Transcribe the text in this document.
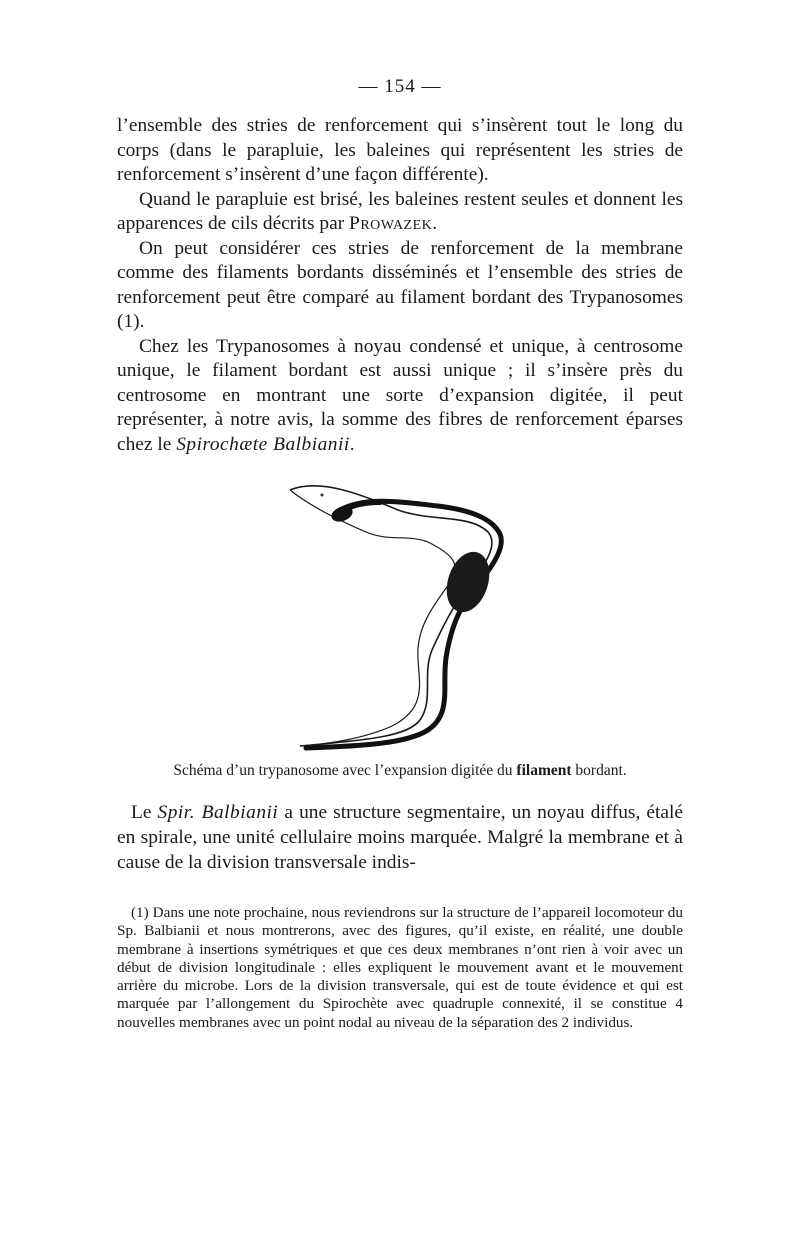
— 154 —

l’ensemble des stries de renforcement qui s’insèrent tout le long du corps (dans le parapluie, les baleines qui représentent les stries de renforcement s’insèrent d’une façon différente).

Quand le parapluie est brisé, les baleines restent seules et donnent les apparences de cils décrits par Prowazek.

On peut considérer ces stries de renforcement de la membrane comme des filaments bordants disséminés et l’ensemble des stries de renforcement peut être comparé au filament bordant des Trypanosomes (1).

Chez les Trypanosomes à noyau condensé et unique, à centrosome unique, le filament bordant est aussi unique ; il s’insère près du centrosome en montrant une sorte d’expansion digitée, il peut représenter, à notre avis, la somme des fibres de renforcement éparses chez le Spirochæte Balbianii.

Schéma d’un trypanosome avec l’expansion digitée du filament bordant.

Le Spir. Balbianii a une structure segmentaire, un noyau diffus, étalé en spirale, une unité cellulaire moins marquée. Malgré la membrane et à cause de la division transversale indis-

(1) Dans une note prochaine, nous reviendrons sur la structure de l’appareil locomoteur du Sp. Balbianii et nous montrerons, avec des figures, qu’il existe, en réalité, une double membrane à insertions symétriques et que ces deux membranes n’ont rien à voir avec un début de division longitudinale : elles expliquent le mouvement avant et le mouvement arrière du microbe. Lors de la division transversale, qui est de toute évidence et qui est marquée par l’allongement du Spirochète avec quadruple connexité, il se constitue 4 nouvelles membranes avec un point nodal au niveau de la séparation des 2 individus.
